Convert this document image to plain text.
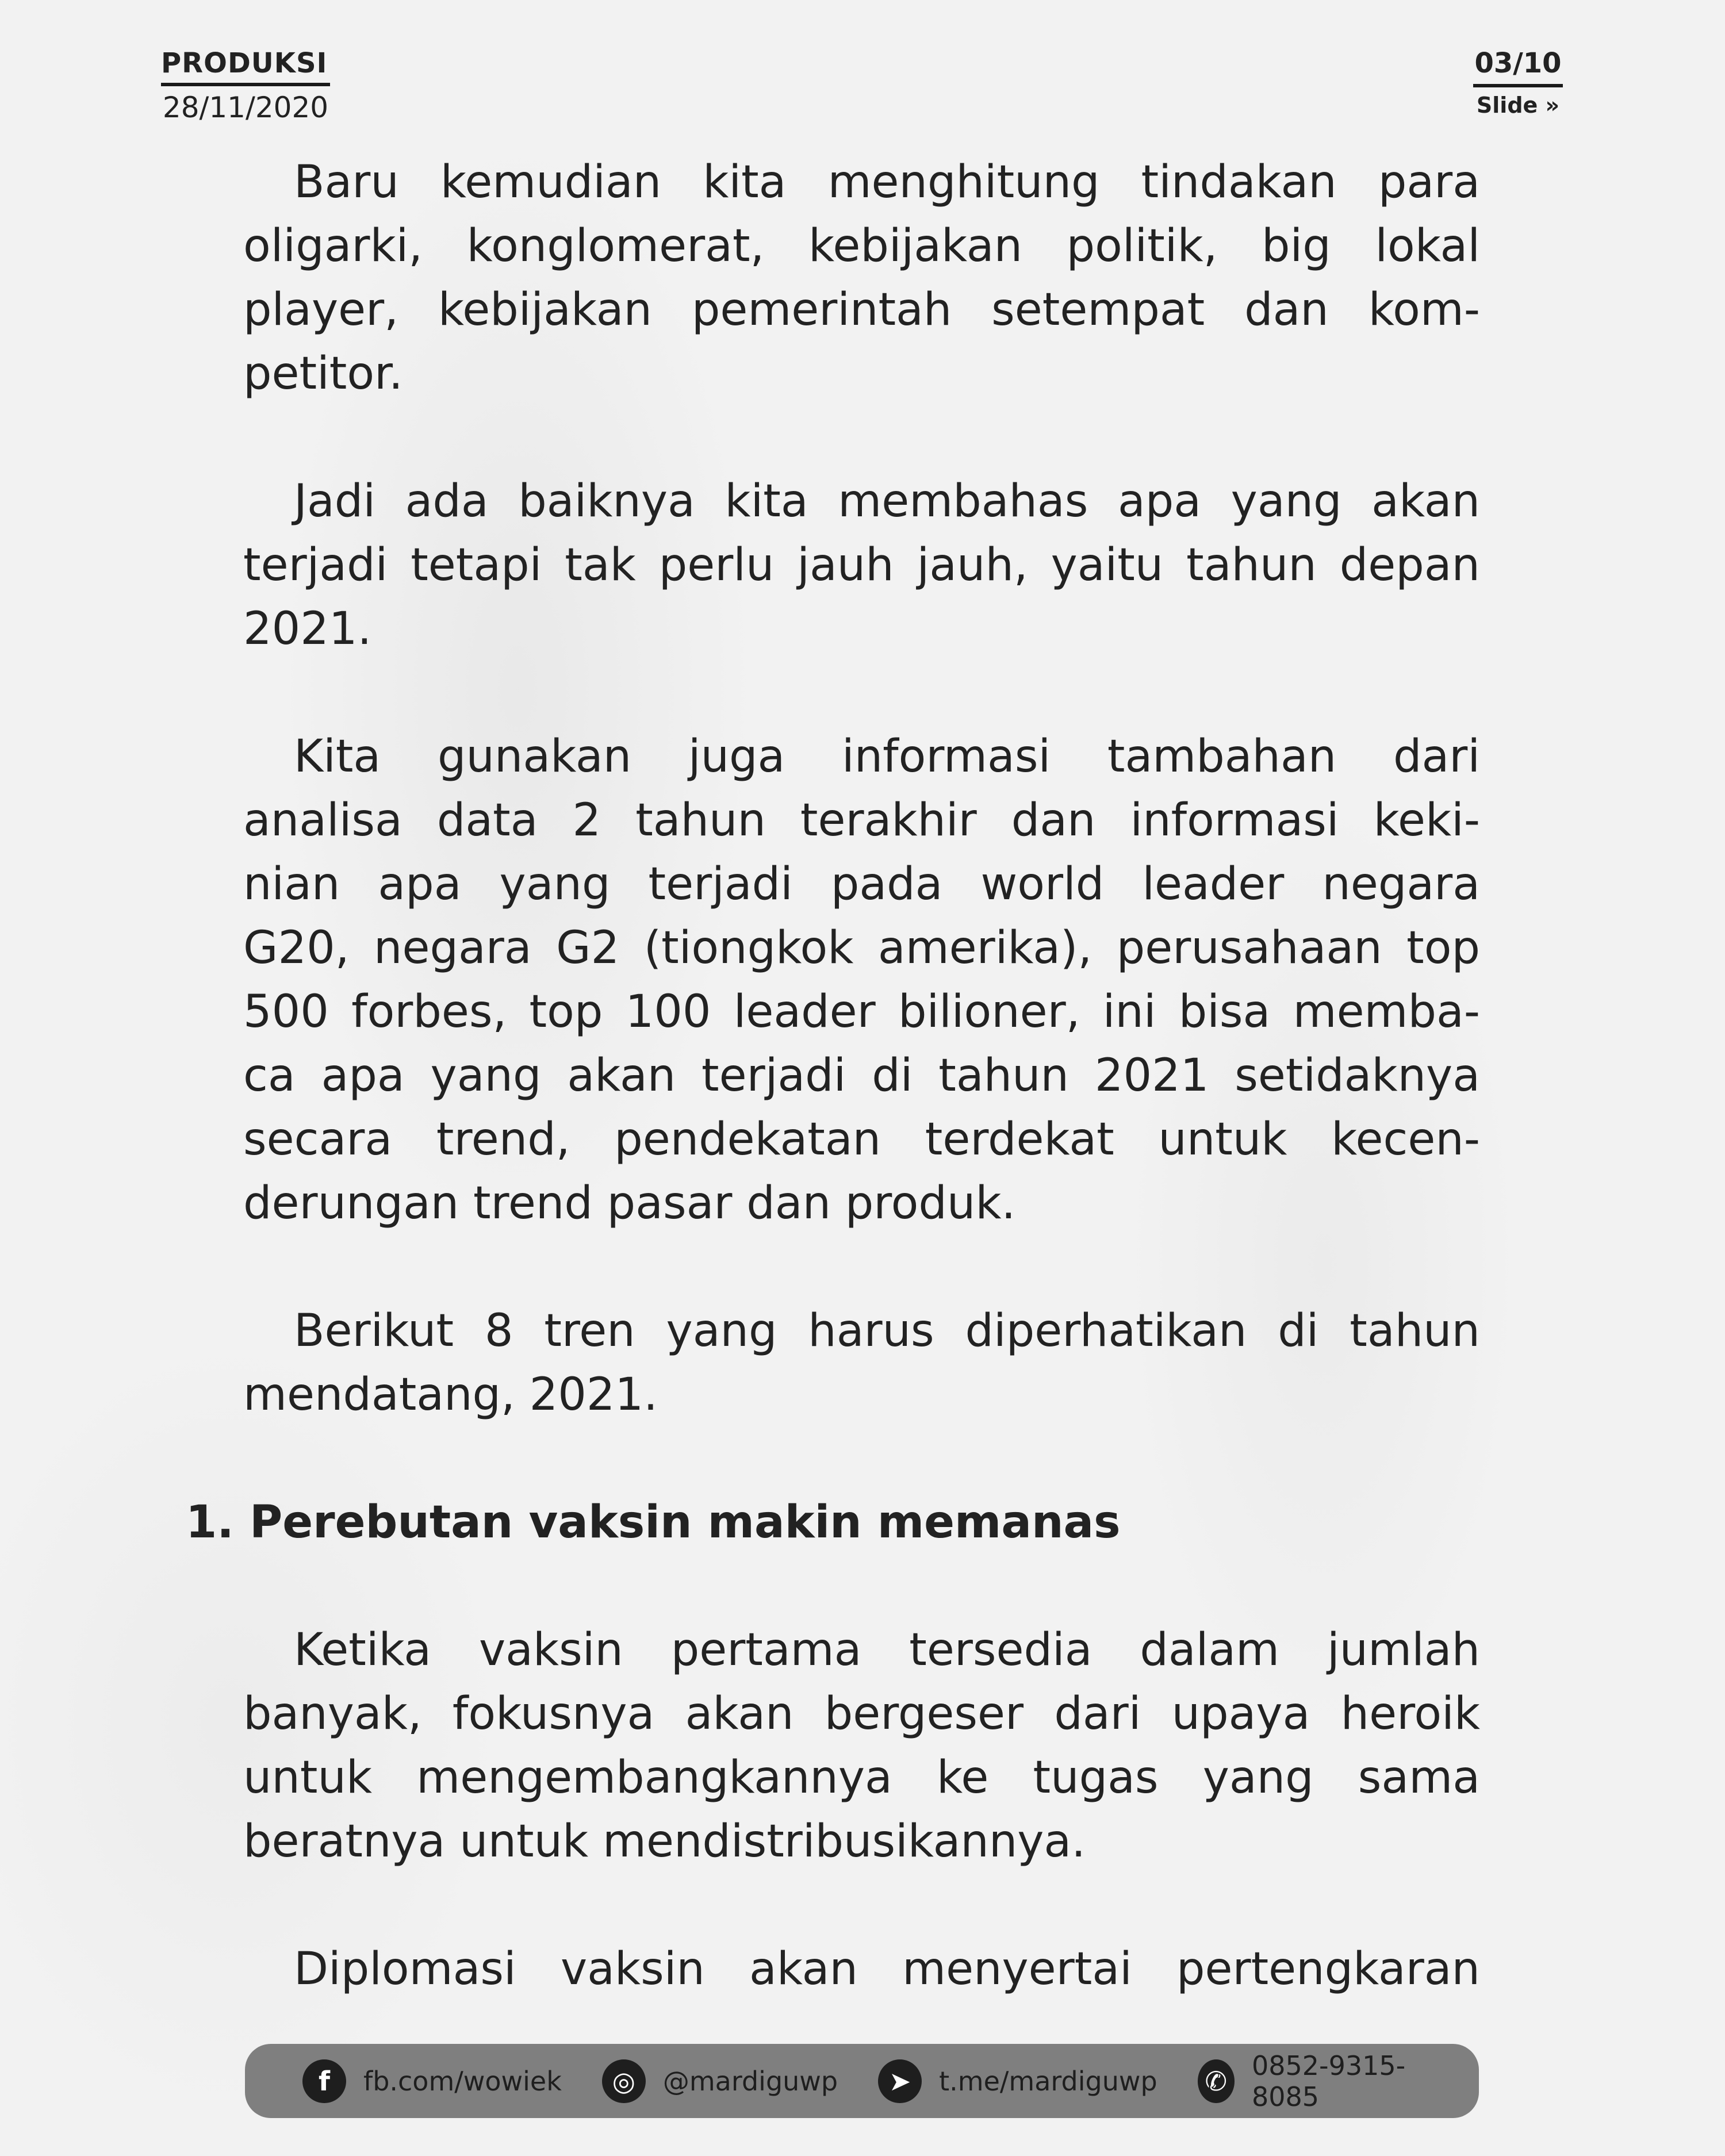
PRODUKSI
28/11/2020
03/10
Slide »
Baru kemudian kita menghitung tindakan para
oligarki, konglomerat, kebijakan politik, big lokal
player, kebijakan pemerintah setempat dan kom-
petitor.
Jadi ada baiknya kita membahas apa yang akan
terjadi tetapi tak perlu jauh jauh, yaitu tahun depan
2021.
Kita gunakan juga informasi tambahan dari
analisa data 2 tahun terakhir dan informasi keki-
nian apa yang terjadi pada world leader negara
G20, negara G2 (tiongkok amerika), perusahaan top
500 forbes, top 100 leader bilioner, ini bisa memba-
ca apa yang akan terjadi di tahun 2021 setidaknya
secara trend, pendekatan terdekat untuk kecen-
derungan trend pasar dan produk.
Berikut 8 tren yang harus diperhatikan di tahun
mendatang, 2021.
1. Perebutan vaksin makin memanas
Ketika vaksin pertama tersedia dalam jumlah
banyak, fokusnya akan bergeser dari upaya heroik
untuk mengembangkannya ke tugas yang sama
beratnya untuk mendistribusikannya.
Diplomasi vaksin akan menyertai pertengkaran
f	fb.com/wowiek	◎	@mardiguwp	➤	t.me/mardiguwp ✆ 0852-9315-8085
